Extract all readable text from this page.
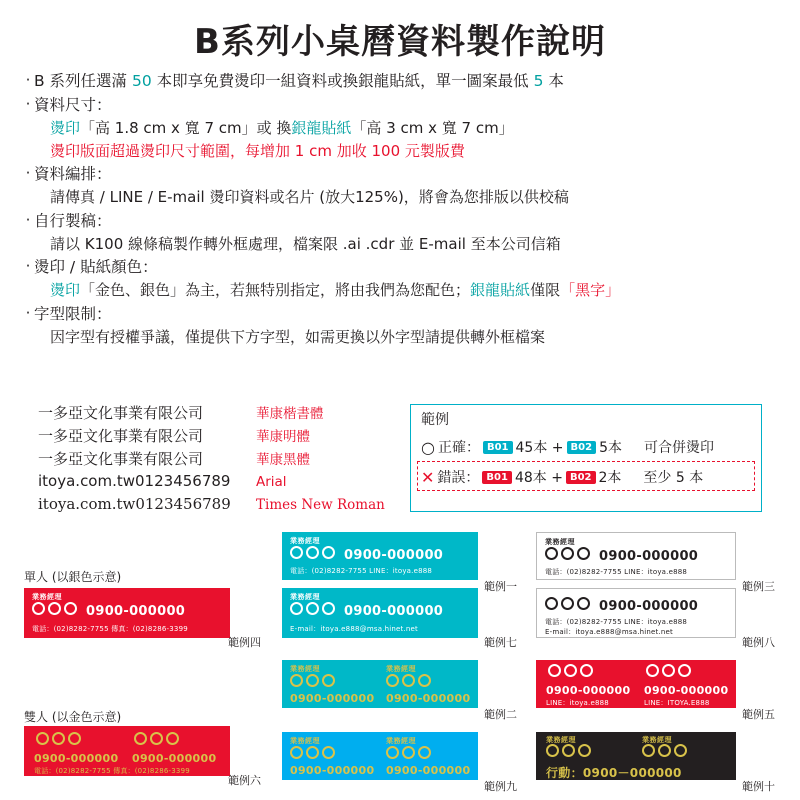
B系列小桌曆資料製作說明
‧ B 系列任選滿 50 本即享免費燙印一組資料或換銀龍貼紙，單一圖案最低 5 本
‧ 資料尺寸：
燙印「高 1.8 cm x 寬 7 cm」或 換銀龍貼紙「高 3 cm x 寬 7 cm」
燙印版面超過燙印尺寸範圍，每增加 1 cm 加收 100 元製版費
‧ 資料編排：
請傳真 / LINE / E-mail 燙印資料或名片 (放大125%)，將會為您排版以供校稿
‧ 自行製稿：
請以 K100 線條稿製作轉外框處理，檔案限 .ai .cdr 並 E-mail 至本公司信箱
‧ 燙印 / 貼紙顏色：
燙印「金色、銀色」為主，若無特別指定，將由我們為您配色；銀龍貼紙僅限「黑字」
‧ 字型限制：
因字型有授權爭議，僅提供下方字型，如需更換以外字型請提供轉外框檔案
一多亞文化事業有限公司	華康楷書體
一多亞文化事業有限公司	華康明體
一多亞文化事業有限公司	華康黑體
itoya.com.tw0123456789	Arial
itoya.com.tw0123456789	Times New Roman
範例
○ 正確： B01 45本 + B02 5本 可合併燙印
✕ 錯誤： B01 48本 + B02 2本 至少 5 本
單人 (以銀色示意)
雙人 (以金色示意)
業務經理
0900-000000
電話：(02)8282-7755 傳真：(02)8286-3399
範例四
業務經理
0900-000000
電話：(02)8282-7755 LINE：itoya.e888
範例一
業務經理
0900-000000
E-mail：itoya.e888@msa.hinet.net
範例七
業務經理
0900-000000
電話：(02)8282-7755 LINE：itoya.e888
範例三
0900-000000
電話：(02)8282-7755 LINE：itoya.e888
E-mail：itoya.e888@msa.hinet.net
範例八
業務經理	業務經理
0900-000000 0900-000000
範例二
業務經理	業務經理
0900-000000 0900-000000
範例九
0900-000000 0900-000000
電話：(02)8282-7755 傳真：(02)8286-3399
範例六
0900-000000 0900-000000
LINE：itoya.e888	LINE：ITOYA.E888
範例五
業務經理	業務經理
行動：0900－000000
範例十
